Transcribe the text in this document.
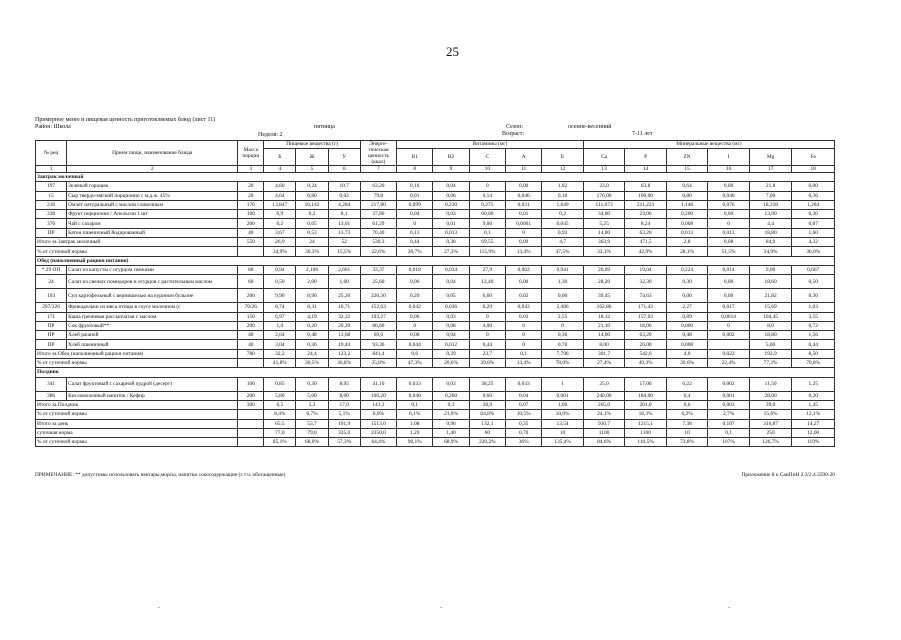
25
Примерное меню и пищевая ценность приготовляемых блюд (лист 11)
Район: Школа
Неделя: 2
пятница	Сезон:	осенне-весенний
Возраст:	7-11 лет
№ рец	Прием пищи, наименование блюда	Масса порции	Пищевые вещества (г)			Энерге-тическая ценность (ккал)	Витамины (мг)					Минеральные вещества (мг)					
			Б	Ж	У		В1	В2	С	А	Е	Ca	P	ZN	I	Mg	Fe
1	2	3	4	5	6	7	8	9	10	11	12	13	14	15	16	17	18
Завтрак молочный																	
197	Зеленый горошек	20	4,60	0,24	10,7	63,20	0,16	0,04	0	0,00	1,82	23,0	63,8	0,64	0,00	21,8	0,00
15	Сыр твердо-мягкий порционно с м.д.ж. 45%	20	4,64	6,80	0,02	79,8	0,01	0,06	0,14	0,046	0,10	176,00	100,00	0,80	0,040	7,00	0,36
210	Омлет натуральный с маслом сливочным	170	13,847	16,142	4,284	217,80	0,099	0,230	0,275	0,031	1,649	111,673	211,223	1,148	0,076	18,318	1,284
338	Фрукт порционно / Апельсин 1 шт	100	0,9	0,2	8,1	37,80	0,04	0,03	60,00	0,01	0,2	34,00	23,00	0,200	0,00	13,00	0,30
376	Чай с сахаром	200	0,2	0,05	13,01	61,29	0	0,01	9,00	0,0001	0,045	5,25	8,24	0,008	0	4,4	0,87
ПР	Батон пшеничный йодированный	40	3,67	0,53	13,73	70,40	0,13	0,013	0,1	0	0,93	14,00	63,20	0,013	0,013	18,80	1,60
Итого за Завтрак молочный		550	26,9	24	52	530,3	0,44	0,38	69,55	0,09	4,7	363,9	471,5	2,8	0,08	84,9	4,32
% от суточной нормы			34,9%	30,3%	15,5%	22,6%	36,7%	27,3%	115,9%	13,4%	47,5%	33,1%	42,9%	28,1%	51,5%	34,0%	36,0%
Обед (наполненный рацион питания)																	
* 29 ОП	Салат из капусты с огурцом свежими	60	0,94	2,106	2,661	33,37	0,018	0,034	27,9	0,002	0,941	26,09	19,04	0,224	0,014	9,00	0,667
24	Салат из свежих помидоров и огурцов с растительным маслом	60	0,50	2,00	1,60	25,60	0,06	0,04	12,40	0,00	1,30	28,20	32,30	0,30	0,00	18,60	0,50
103	Суп картофельный с вермишелью на курином бульоне	200	9,90	8,90	25,20	220,30	0,20	0,05	6,60	0,02	0,00	39,45	74,63	0,00	0,00	21,82	0,30
297/326	Фрикадельки из мяса птицы в соусе молочном (с	70/26	8,74	8,31	10,71	152,63	0,042	0,036	0,29	0,043	2,486	162,86	171,43	2,27	0,017	15,69	1,03
171	Каша гречневая рассыпчатая с маслом	150	6,97	4,19	32,32	193,27	0,06	0,03	0	0,03	2,55	18,12	157,03	0,89	0,0014	104,45	3,55
ПР	Сок фруктовый**	200	1,0	0,20	20,20	86,60	0	0,08	4,00	0	0	21,10	18,00	0,000	0	8,0	0,72
ПР	Хлеб ржаной	40	2,64	0,48	13,68	69,6	0,08	0,04	0	0	0,36	14,00	63,20	0,48	0,002	18,80	1,56
ПР	Хлеб пшеничный	40	3,04	0,36	19,44	93,36	0,044	0,012	0,44	0	0,70	8,00	26,00	0,008		5,60	0,44
Итого за Обед (наполненный рацион питания)		780	32,2	24,4	123,2	841,4	0,6	0,29	23,7	0,1	7,796	301,7	542,6	4,0	0,022	193,9	8,50
% от суточной нормы			41,8%	30,5%	36,8%	35,8%	47,3%	20,6%	39,6%	13,4%	78,0%	27,4%	49,3%	39,6%	22,4%	77,2%	70,8%
Полдник																	
341	Салат фруктовый с сахарной пудрой (десерт)	100	0,85	0,30	8,95	41,10	0,033	0,03	38,25	0,033	1	25,0	17,00	0,22	0,002	11,50	1,25
386	Кисломолочный напиток / Кефир	200	5,80	5,00	8,00	100,20	0,040	0,260	0,60	0,04	0,001	240,00	184,00	0,4	0,001	28,00	0,20
Итого за Полдник		300	6,5	5,3	17,0	141,3	0,1	0,3	38,9	0,07	1,00	265,0	201,0	0,6	0,003	39,0	1,45
% от суточной нормы			8,4%	6,7%	5,1%	6,0%	6,1%	21,0%	64,8%	10,5%	10,0%	24,1%	18,3%	6,2%	2,7%	15,6%	12,1%
Итого за день			65,5	53,7	191,9	1513,0	1,08	0,96	132,1	0,35	13,54	930,7	1215,1	7,38	0,107	316,87	14,27
суточная норма			77,0	79,0	335,0	2350,0	1,20	1,40	60	0,70	10	1100	1100	10	0,1	250	12,00
% от суточной нормы			85,1%	68,0%	57,3%	64,4%	90,1%	68,9%	220,2%	36%	135,4%	84,6%	110,5%	73,8%	107%	126,7%	119%
ПРИМЕЧАНИЕ: ** допустимы использовать нектары,морсы, напитки сокосодержащие (з т.ч. обогащенные)	Приложение 8 к СанПиН 2.3/2.4.3590-20
˘	˘	˘
